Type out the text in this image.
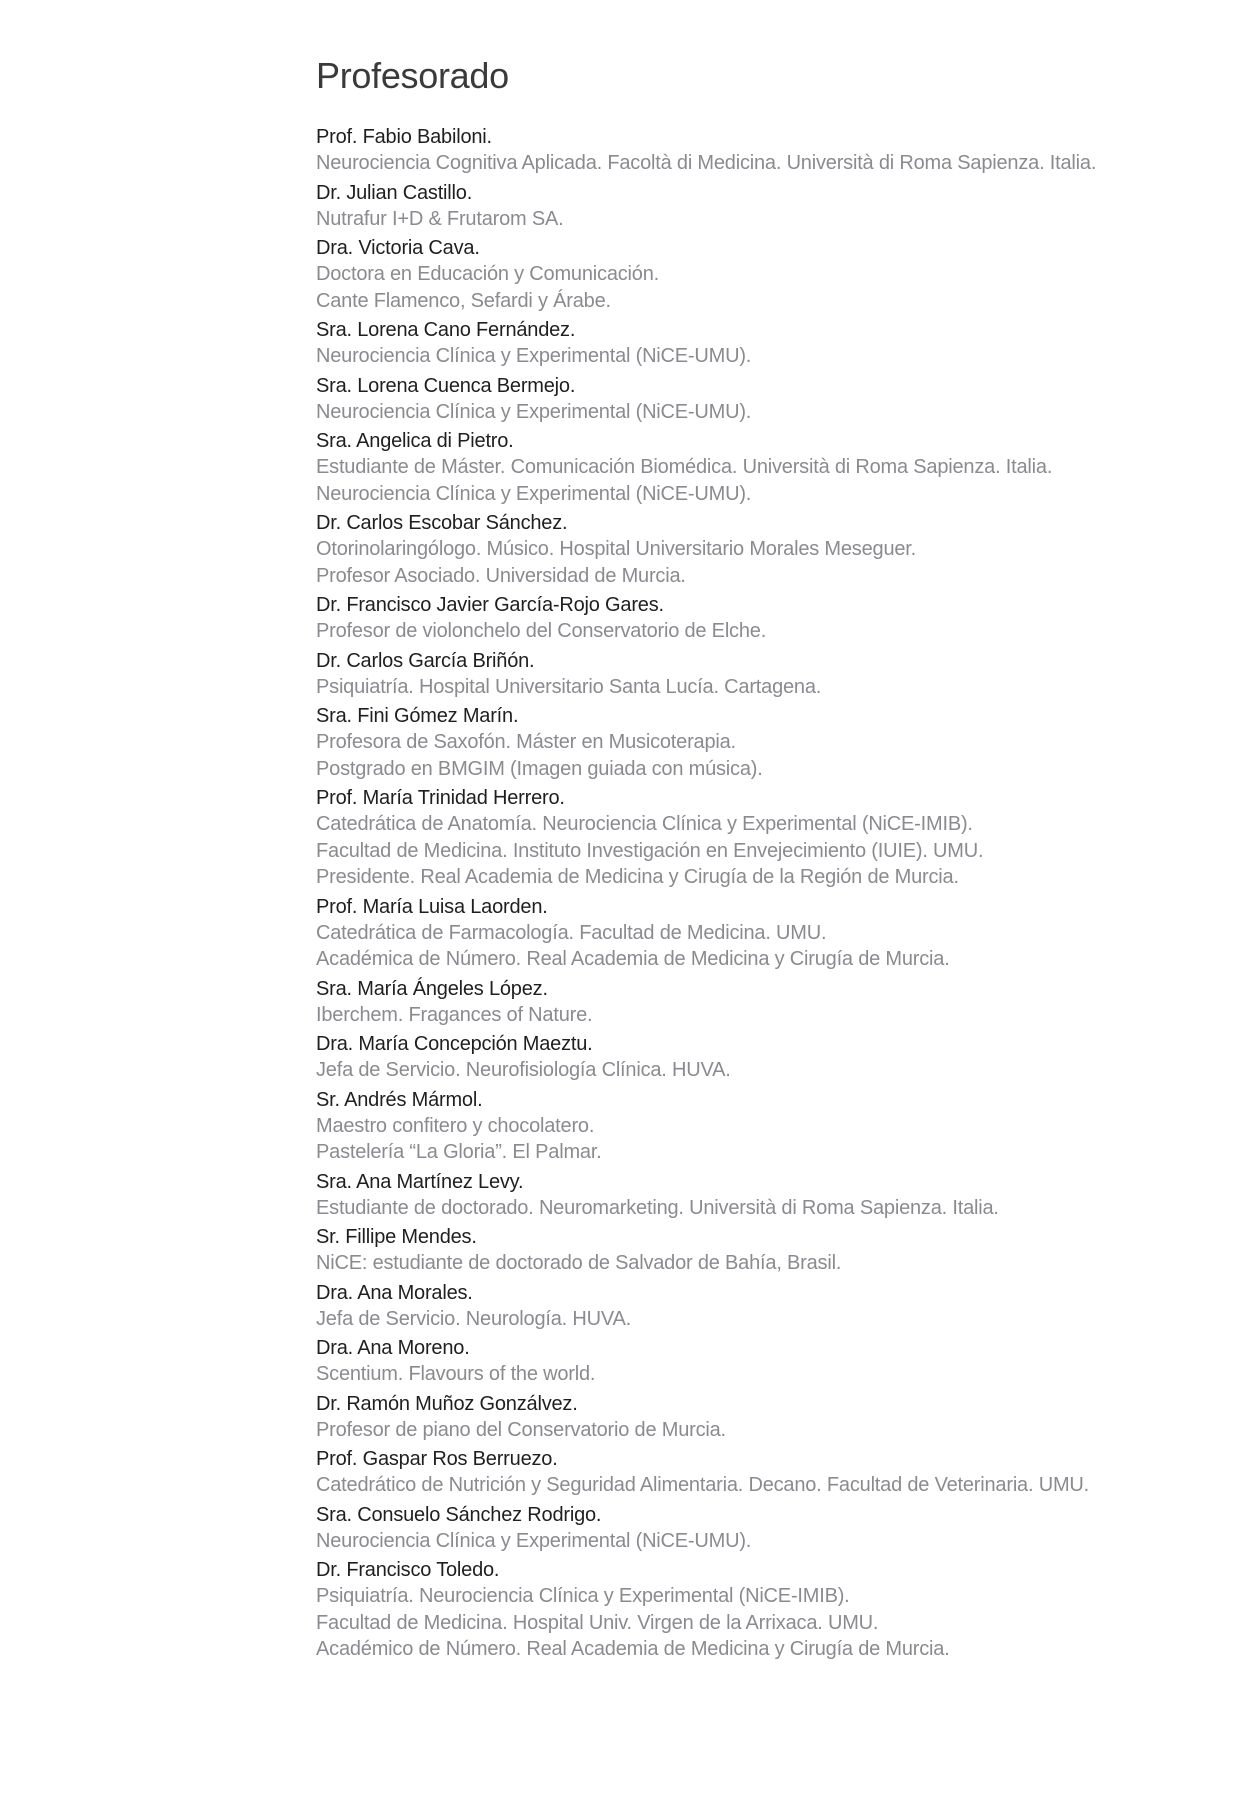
Profesorado
Prof. Fabio Babiloni.
Neurociencia Cognitiva Aplicada. Facoltà di Medicina. Università di Roma Sapienza. Italia.
Dr. Julian Castillo.
Nutrafur I+D & Frutarom SA.
Dra. Victoria Cava.
Doctora en Educación y Comunicación.
Cante Flamenco, Sefardi y Árabe.
Sra. Lorena Cano Fernández.
Neurociencia Clínica y Experimental (NiCE-UMU).
Sra. Lorena Cuenca Bermejo.
Neurociencia Clínica y Experimental (NiCE-UMU).
Sra. Angelica di Pietro.
Estudiante de Máster. Comunicación Biomédica. Università di Roma Sapienza. Italia.
Neurociencia Clínica y Experimental (NiCE-UMU).
Dr. Carlos Escobar Sánchez.
Otorinolaringólogo. Músico. Hospital Universitario Morales Meseguer.
Profesor Asociado. Universidad de Murcia.
Dr. Francisco Javier García-Rojo Gares.
Profesor de violonchelo del Conservatorio de Elche.
Dr. Carlos García Briñón.
Psiquiatría. Hospital Universitario Santa Lucía. Cartagena.
Sra. Fini Gómez Marín.
Profesora de Saxofón. Máster en Musicoterapia.
Postgrado en BMGIM (Imagen guiada con música).
Prof. María Trinidad Herrero.
Catedrática de Anatomía. Neurociencia Clínica y Experimental (NiCE-IMIB).
Facultad de Medicina. Instituto Investigación en Envejecimiento (IUIE). UMU.
Presidente. Real Academia de Medicina y Cirugía de la Región de Murcia.
Prof. María Luisa Laorden.
Catedrática de Farmacología. Facultad de Medicina. UMU.
Académica de Número. Real Academia de Medicina y Cirugía de Murcia.
Sra. María Ángeles López.
Iberchem. Fragances of Nature.
Dra. María Concepción Maeztu.
Jefa de Servicio. Neurofisiología Clínica. HUVA.
Sr. Andrés Mármol.
Maestro confitero y chocolatero.
Pastelería “La Gloria”. El Palmar.
Sra. Ana Martínez Levy.
Estudiante de doctorado. Neuromarketing. Università di Roma Sapienza. Italia.
Sr. Fillipe Mendes.
NiCE: estudiante de doctorado de Salvador de Bahía, Brasil.
Dra. Ana Morales.
Jefa de Servicio. Neurología. HUVA.
Dra. Ana Moreno.
Scentium. Flavours of the world.
Dr. Ramón Muñoz Gonzálvez.
Profesor de piano del Conservatorio de Murcia.
Prof. Gaspar Ros Berruezo.
Catedrático de Nutrición y Seguridad Alimentaria. Decano. Facultad de Veterinaria. UMU.
Sra. Consuelo Sánchez Rodrigo.
Neurociencia Clínica y Experimental (NiCE-UMU).
Dr. Francisco Toledo.
Psiquiatría. Neurociencia Clínica y Experimental (NiCE-IMIB).
Facultad de Medicina. Hospital Univ. Virgen de la Arrixaca. UMU.
Académico de Número. Real Academia de Medicina y Cirugía de Murcia.
